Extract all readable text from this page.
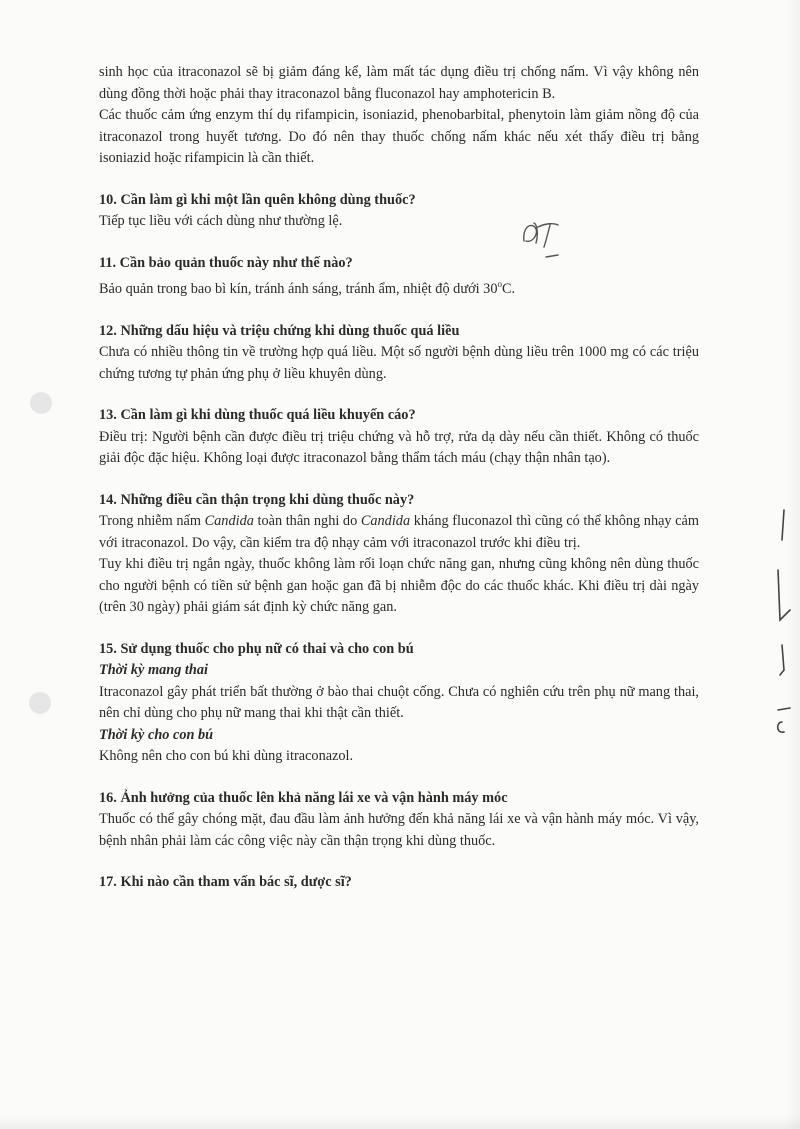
sinh học của itraconazol sẽ bị giảm đáng kể, làm mất tác dụng điều trị chống nấm. Vì vậy không nên dùng đồng thời hoặc phải thay itraconazol bằng fluconazol hay amphotericin B.

Các thuốc cảm ứng enzym thí dụ rifampicin, isoniazid, phenobarbital, phenytoin làm giảm nồng độ của itraconazol trong huyết tương. Do đó nên thay thuốc chống nấm khác nếu xét thấy điều trị bằng isoniazid hoặc rifampicin là cần thiết.

10. Cần làm gì khi một lần quên không dùng thuốc?

Tiếp tục liều với cách dùng như thường lệ.

11. Cần bảo quản thuốc này như thế nào?

Bảo quản trong bao bì kín, tránh ánh sáng, tránh ẩm, nhiệt độ dưới 30$^o$C.

12. Những dấu hiệu và triệu chứng khi dùng thuốc quá liều

Chưa có nhiều thông tin về trường hợp quá liều. Một số người bệnh dùng liều trên 1000 mg có các triệu chứng tương tự phản ứng phụ ở liều khuyên dùng.

13. Cần làm gì khi dùng thuốc quá liều khuyến cáo?

Điều trị: Người bệnh cần được điều trị triệu chứng và hỗ trợ, rửa dạ dày nếu cần thiết. Không có thuốc giải độc đặc hiệu. Không loại được itraconazol bằng thẩm tách máu (chạy thận nhân tạo).

14. Những điều cần thận trọng khi dùng thuốc này?

Trong nhiễm nấm Candida toàn thân nghi do Candida kháng fluconazol thì cũng có thể không nhạy cảm với itraconazol. Do vậy, cần kiểm tra độ nhạy cảm với itraconazol trước khi điều trị.

Tuy khi điều trị ngắn ngày, thuốc không làm rối loạn chức năng gan, nhưng cũng không nên dùng thuốc cho người bệnh có tiền sử bệnh gan hoặc gan đã bị nhiễm độc do các thuốc khác. Khi điều trị dài ngày (trên 30 ngày) phải giám sát định kỳ chức năng gan.

15. Sử dụng thuốc cho phụ nữ có thai và cho con bú

Thời kỳ mang thai

Itraconazol gây phát triển bất thường ở bào thai chuột cống. Chưa có nghiên cứu trên phụ nữ mang thai, nên chỉ dùng cho phụ nữ mang thai khi thật cần thiết.

Thời kỳ cho con bú

Không nên cho con bú khi dùng itraconazol.

16. Ảnh hưởng của thuốc lên khả năng lái xe và vận hành máy móc

Thuốc có thể gây chóng mặt, đau đầu làm ảnh hưởng đến khả năng lái xe và vận hành máy móc. Vì vậy, bệnh nhân phải làm các công việc này cần thận trọng khi dùng thuốc.

17. Khi nào cần tham vấn bác sĩ, dược sĩ?
